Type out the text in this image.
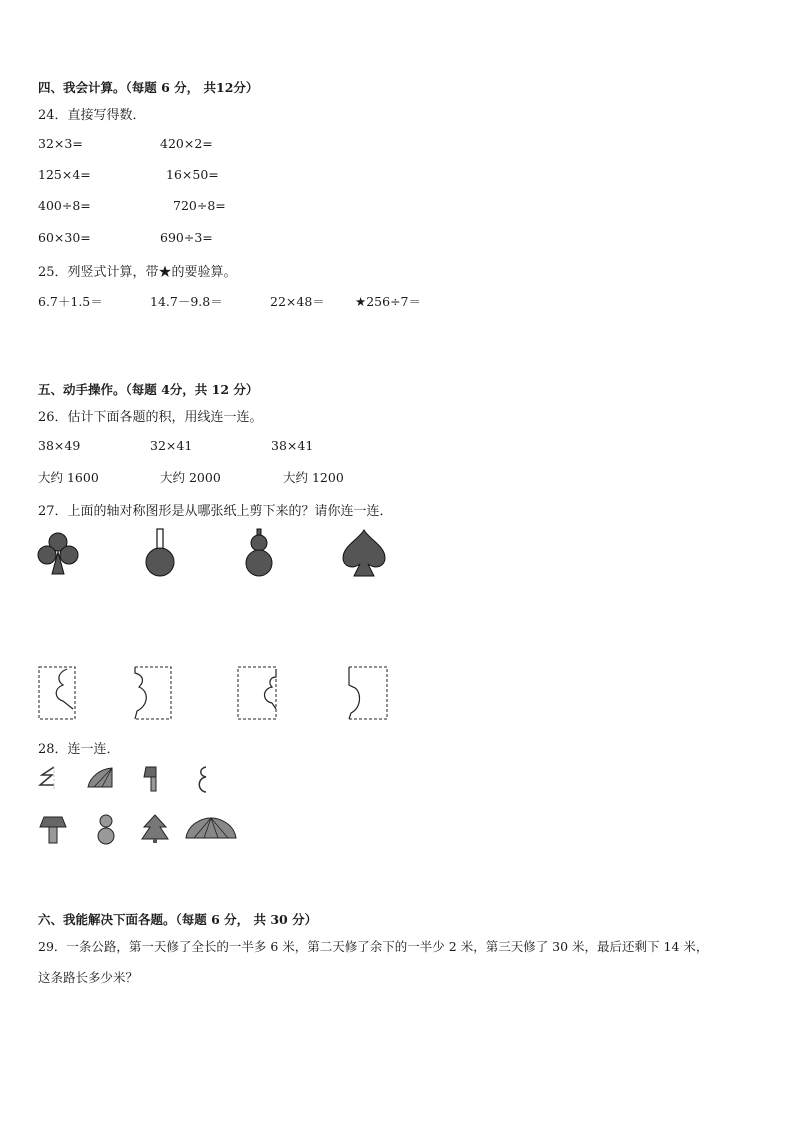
四、我会计算。（每题 6 分， 共12分）
24．直接写得数．
32×3=	420×2=
125×4=	16×50=
400÷8=	720÷8=
60×30=	690÷3=
25．列竖式计算，带★的要验算。
6.7＋1.5＝	14.7－9.8＝	22×48＝ ★256÷7＝
五、动手操作。（每题 4分，共 12 分）
26．估计下面各题的积，用线连一连。
38×49	32×41	38×41
大约 1600	大约 2000	大约 1200
27．上面的轴对称图形是从哪张纸上剪下来的？请你连一连．
28．连一连．
六、我能解决下面各题。（每题 6 分， 共 30 分）
29．一条公路，第一天修了全长的一半多 6 米，第二天修了余下的一半少 2 米，第三天修了 30 米，最后还剩下 14 米，
这条路长多少米？
